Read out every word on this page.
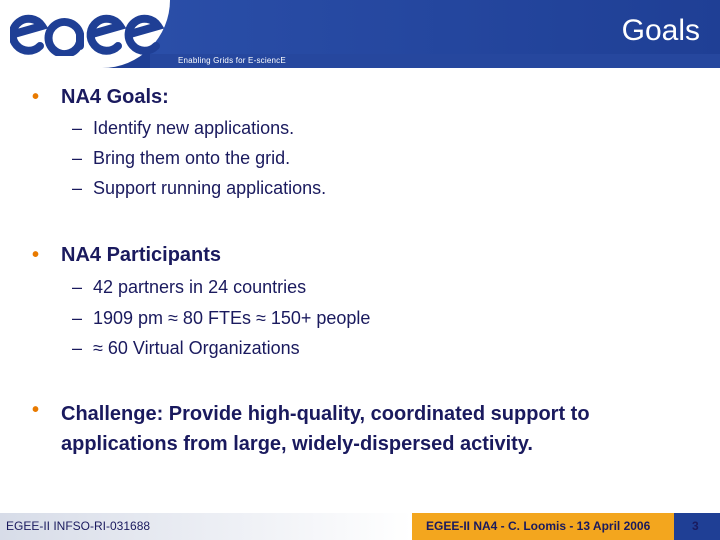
Enabling Grids for E-sciencE
Goals
• NA4 Goals:
– Identify new applications.
– Bring them onto the grid.
– Support running applications.
• NA4 Participants
– 42 partners in 24 countries
– 1909 pm ≈ 80 FTEs ≈ 150+ people
– ≈ 60 Virtual Organizations
• Challenge: Provide high-quality, coordinated support to applications from large, widely-dispersed activity.
EGEE-II INFSO-RI-031688	EGEE-II NA4 - C. Loomis - 13 April 2006	3
